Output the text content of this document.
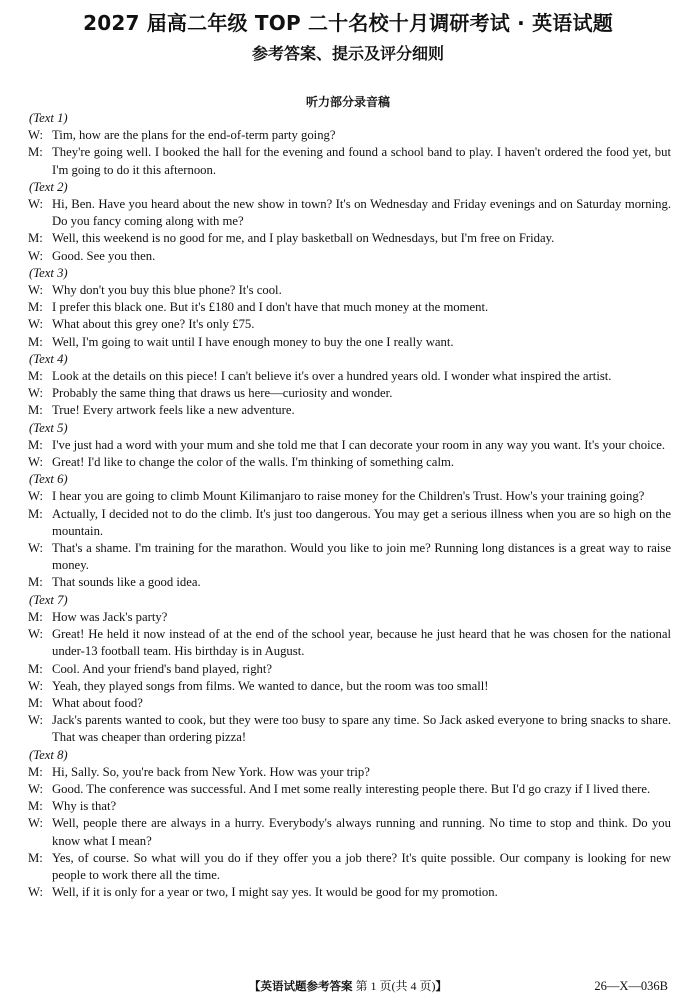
2027 届高二年级 TOP 二十名校十月调研考试 · 英语试题
参考答案、提示及评分细则
听力部分录音稿
(Text 1)
W: Tim, how are the plans for the end-of-term party going?
M: They're going well. I booked the hall for the evening and found a school band to play. I haven't ordered the food yet, but I'm going to do it this afternoon.
(Text 2)
W: Hi, Ben. Have you heard about the new show in town? It's on Wednesday and Friday evenings and on Saturday morning. Do you fancy coming along with me?
M: Well, this weekend is no good for me, and I play basketball on Wednesdays, but I'm free on Friday.
W: Good. See you then.
(Text 3)
W: Why don't you buy this blue phone? It's cool.
M: I prefer this black one. But it's £180 and I don't have that much money at the moment.
W: What about this grey one? It's only £75.
M: Well, I'm going to wait until I have enough money to buy the one I really want.
(Text 4)
M: Look at the details on this piece! I can't believe it's over a hundred years old. I wonder what inspired the artist.
W: Probably the same thing that draws us here—curiosity and wonder.
M: True! Every artwork feels like a new adventure.
(Text 5)
M: I've just had a word with your mum and she told me that I can decorate your room in any way you want. It's your choice.
W: Great! I'd like to change the color of the walls. I'm thinking of something calm.
(Text 6)
W: I hear you are going to climb Mount Kilimanjaro to raise money for the Children's Trust. How's your training going?
M: Actually, I decided not to do the climb. It's just too dangerous. You may get a serious illness when you are so high on the mountain.
W: That's a shame. I'm training for the marathon. Would you like to join me? Running long distances is a great way to raise money.
M: That sounds like a good idea.
(Text 7)
M: How was Jack's party?
W: Great! He held it now instead of at the end of the school year, because he just heard that he was chosen for the national under-13 football team. His birthday is in August.
M: Cool. And your friend's band played, right?
W: Yeah, they played songs from films. We wanted to dance, but the room was too small!
M: What about food?
W: Jack's parents wanted to cook, but they were too busy to spare any time. So Jack asked everyone to bring snacks to share. That was cheaper than ordering pizza!
(Text 8)
M: Hi, Sally. So, you're back from New York. How was your trip?
W: Good. The conference was successful. And I met some really interesting people there. But I'd go crazy if I lived there.
M: Why is that?
W: Well, people there are always in a hurry. Everybody's always running and running. No time to stop and think. Do you know what I mean?
M: Yes, of course. So what will you do if they offer you a job there? It's quite possible. Our company is looking for new people to work there all the time.
W: Well, if it is only for a year or two, I might say yes. It would be good for my promotion.
【英语试题参考答案 第 1 页(共 4 页)】	26—X—036B
